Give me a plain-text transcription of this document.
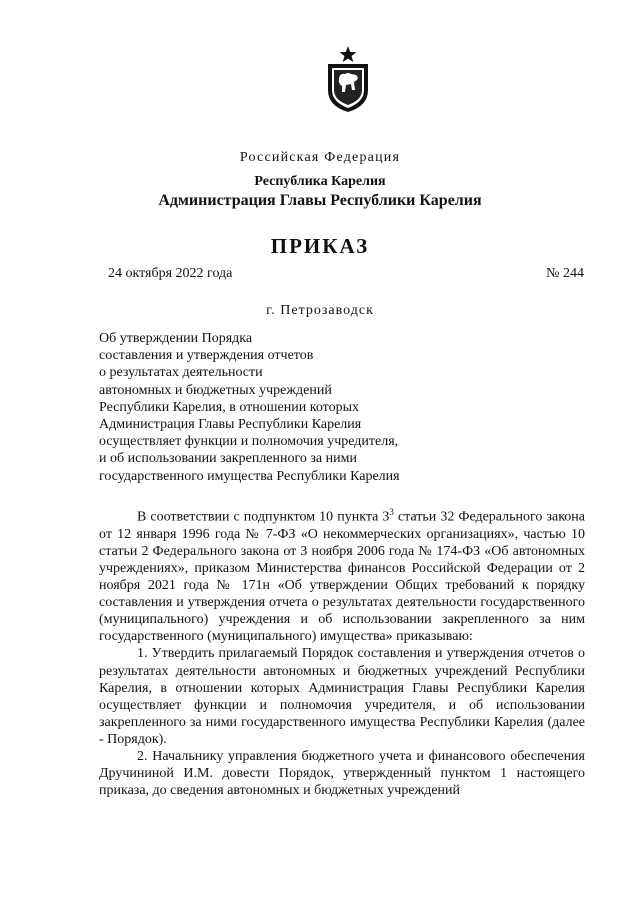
Российская Федерация
Республика Карелия
Администрация Главы Республики Карелия
ПРИКАЗ
24 октября 2022 года	№ 244
г. Петрозаводск
Об утверждении Порядка
составления и утверждения отчетов
о результатах деятельности
автономных и бюджетных учреждений
Республики Карелия, в отношении которых
Администрация Главы Республики Карелия
осуществляет функции и полномочия учредителя,
и об использовании закрепленного за ними
государственного имущества Республики Карелия

В соответствии с подпунктом 10 пункта $3^3$ статьи 32 Федерального закона от 12 января 1996 года № 7-ФЗ «О некоммерческих организациях», частью 10 статьи 2 Федерального закона от 3 ноября 2006 года № 174-ФЗ «Об автономных учреждениях», приказом Министерства финансов Российской Федерации от 2 ноября 2021 года № 171н «Об утверждении Общих требований к порядку составления и утверждения отчета о результатах деятельности государственного (муниципального) учреждения и об использовании закрепленного за ним государственного (муниципального) имущества» приказываю:

1. Утвердить прилагаемый Порядок составления и утверждения отчетов о результатах деятельности автономных и бюджетных учреждений Республики Карелия, в отношении которых Администрация Главы Республики Карелия осуществляет функции и полномочия учредителя, и об использовании закрепленного за ними государственного имущества Республики Карелия (далее - Порядок).

2. Начальнику управления бюджетного учета и финансового обеспечения Дручининой И.М. довести Порядок, утвержденный пунктом 1 настоящего приказа, до сведения автономных и бюджетных учреждений
